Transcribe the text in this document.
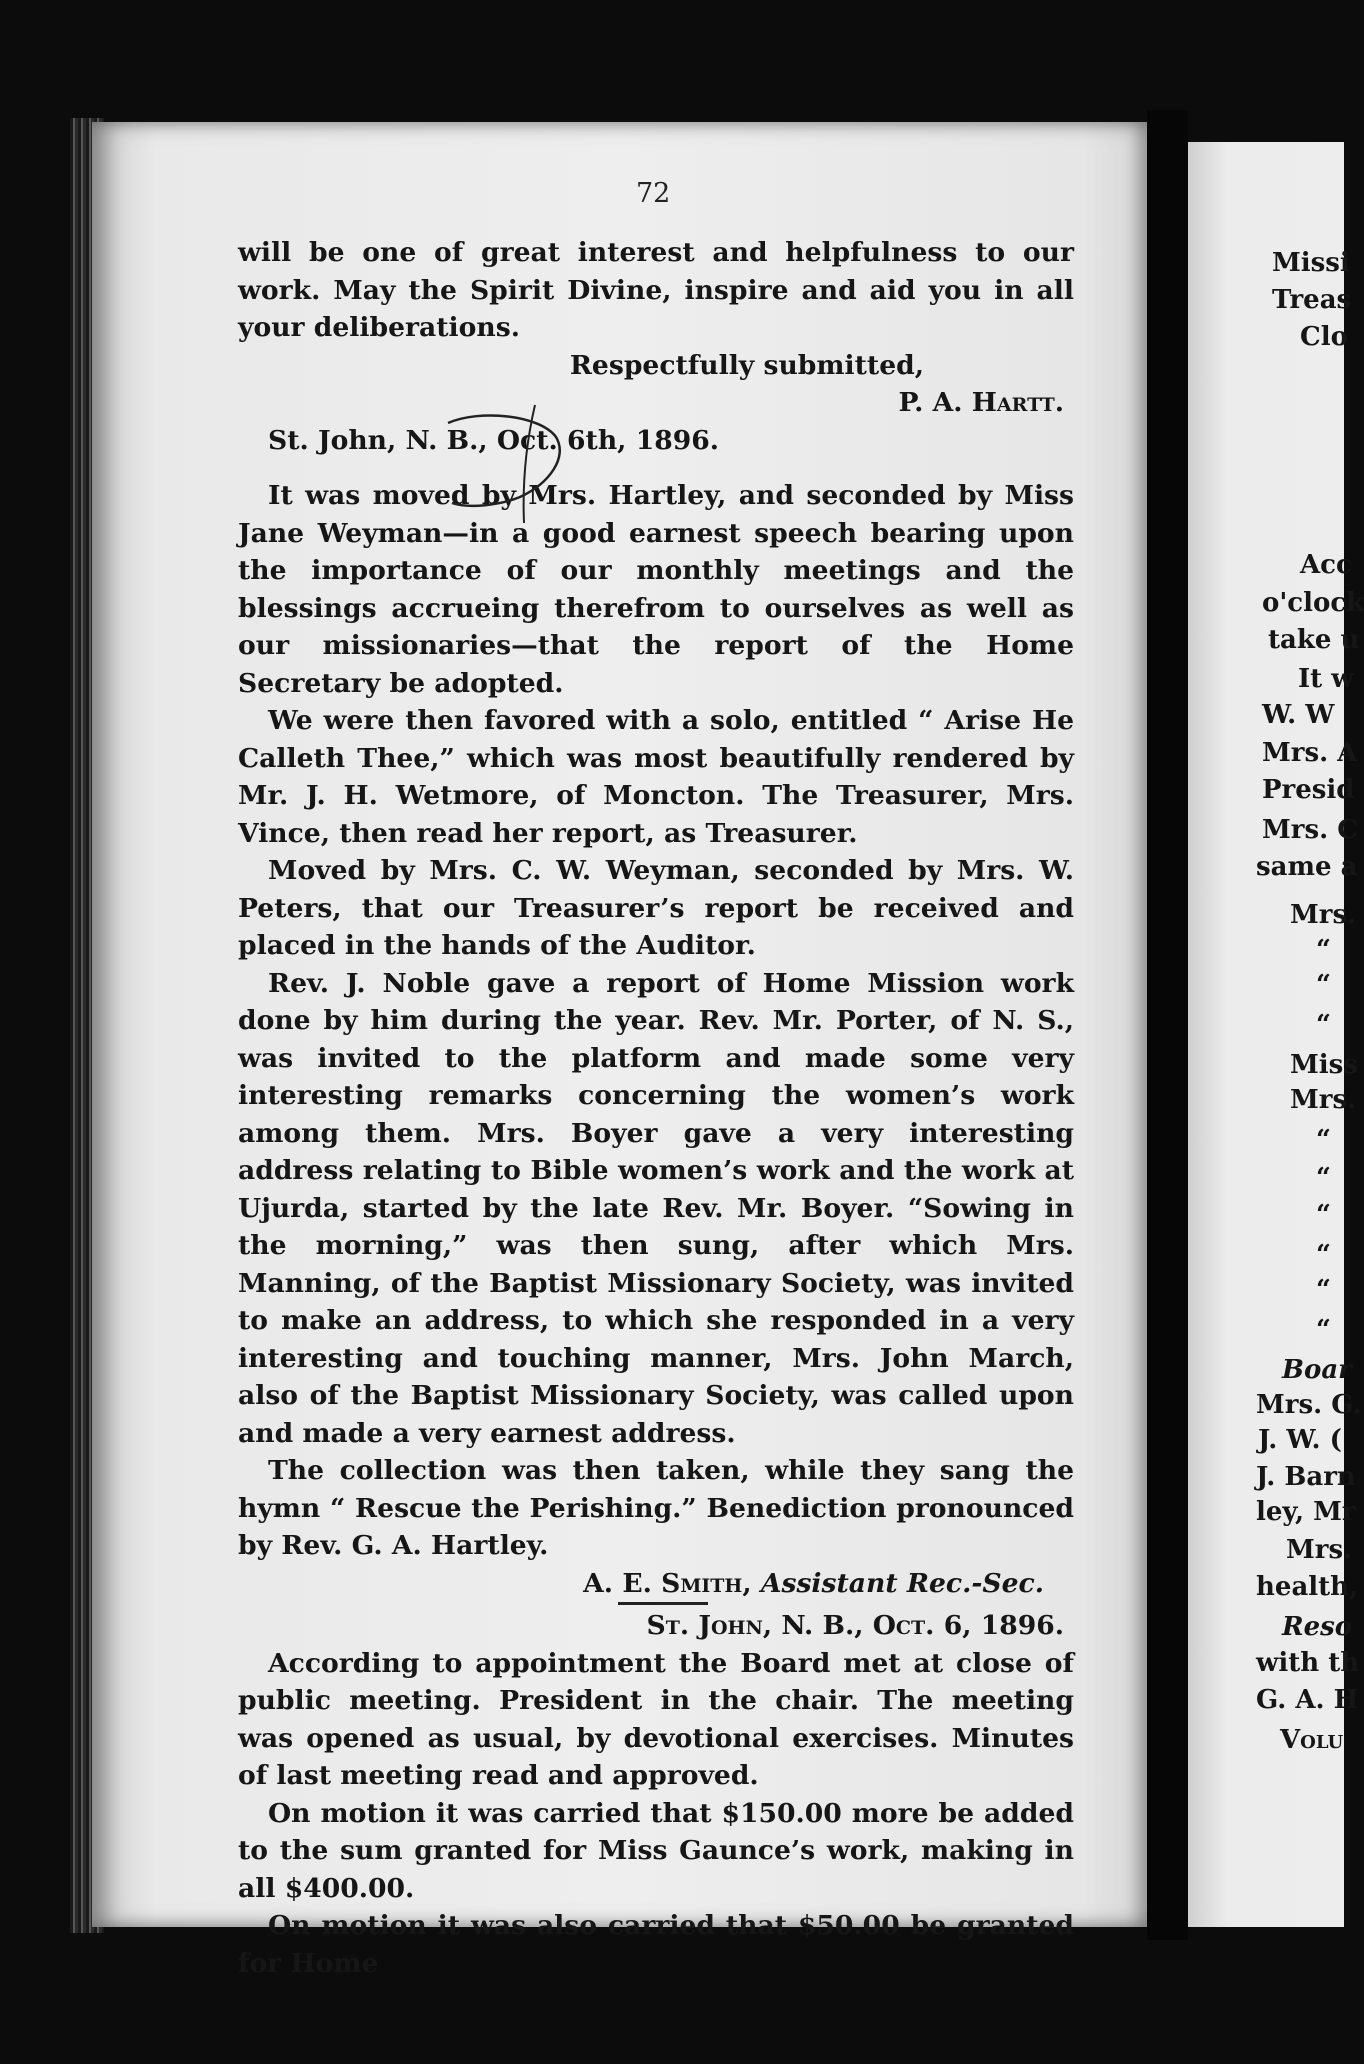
72

will be one of great interest and helpfulness to our work. May the Spirit Divine, inspire and aid you in all your deliberations.

Respectfully submitted,

P. A. Hartt.

St. John, N. B., Oct. 6th, 1896.

It was moved by Mrs. Hartley, and seconded by Miss Jane Weyman—in a good earnest speech bearing upon the importance of our monthly meetings and the blessings accrueing therefrom to ourselves as well as our missionaries—that the report of the Home Secretary be adopted.

We were then favored with a solo, entitled “ Arise He Calleth Thee,” which was most beautifully rendered by Mr. J. H. Wetmore, of Moncton. The Treasurer, Mrs. Vince, then read her report, as Treasurer.

Moved by Mrs. C. W. Weyman, seconded by Mrs. W. Peters, that our Treasurer’s report be received and placed in the hands of the Auditor.

Rev. J. Noble gave a report of Home Mission work done by him during the year. Rev. Mr. Porter, of N. S., was invited to the platform and made some very interesting remarks concerning the women’s work among them. Mrs. Boyer gave a very interesting address relating to Bible women’s work and the work at Ujurda, started by the late Rev. Mr. Boyer. “Sowing in the morning,” was then sung, after which Mrs. Manning, of the Baptist Missionary Society, was invited to make an address, to which she responded in a very interesting and touching manner, Mrs. John March, also of the Baptist Missionary Society, was called upon and made a very earnest address.

The collection was then taken, while they sang the hymn “ Rescue the Perishing.” Benediction pronounced by Rev. G. A. Hartley.

A. E. Smith, Assistant Rec.-Sec.

St. John, N. B., Oct. 6, 1896.

According to appointment the Board met at close of public meeting. President in the chair. The meeting was opened as usual, by devotional exercises. Minutes of last meeting read and approved.

On motion it was carried that $150.00 more be added to the sum granted for Miss Gaunce’s work, making in all $400.00.

On motion it was also carried that $50.00 be granted for Home

Missi
Treas
Clo
Acc
o'clock
take u
It w
W. W
Mrs. A
Presid
Mrs. C
same a
Mrs.
“
“
“
Miss
Mrs.
“
“
“
“
“
“
Boar
Mrs. G.
J. W. (
J. Barn
ley, Mr
Mrs.
health,
Reso
with th
G. A. H
Volu
